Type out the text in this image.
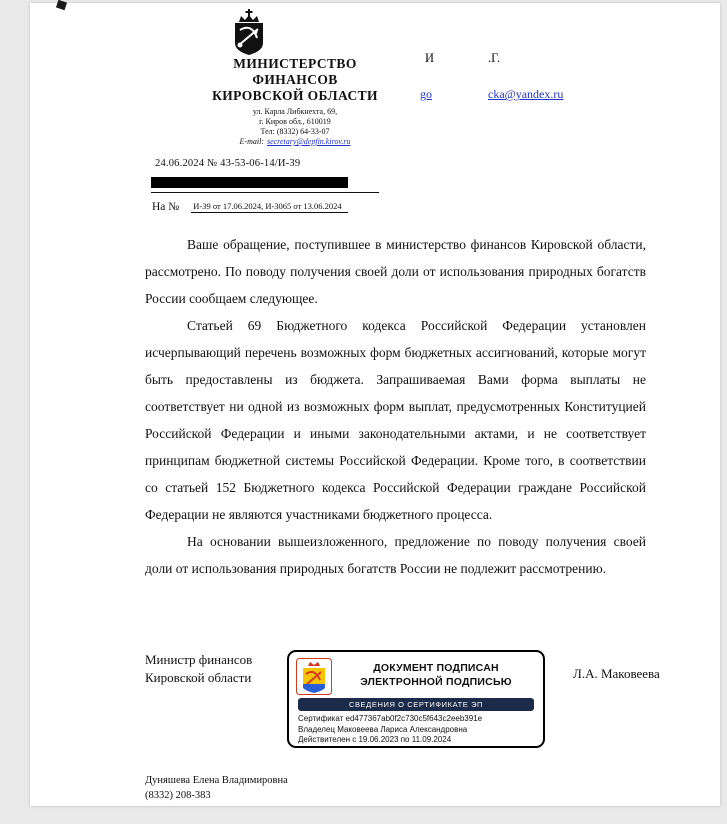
МИНИСТЕРСТВО
ФИНАНСОВ
КИРОВСКОЙ ОБЛАСТИ
ул. Карла Либкнехта, 69,
г. Киров обл., 610019
Тел: (8332) 64-33-07
E-mail: secretary@depfin.kirov.ru
24.06.2024 № 43-53-06-14/И-39
На № И-39 от 17.06.2024, И-3065 от 13.06.2024
И	.Г.
go	cka@yandex.ru

Ваше обращение, поступившее в министерство финансов Кировской области, рассмотрено. По поводу получения своей доли от использования природных богатств России сообщаем следующее.

Статьей 69 Бюджетного кодекса Российской Федерации установлен исчерпывающий перечень возможных форм бюджетных ассигнований, которые могут быть предоставлены из бюджета. Запрашиваемая Вами форма выплаты не соответствует ни одной из возможных форм выплат, предусмотренных Конституцией Российской Федерации и иными законодательными актами, и не соответствует принципам бюджетной системы Российской Федерации. Кроме того, в соответствии со статьей 152 Бюджетного кодекса Российской Федерации граждане Российской Федерации не являются участниками бюджетного процесса.

На основании вышеизложенного, предложение по поводу получения своей доли от использования природных богатств России не подлежит рассмотрению.

Министр финансов
Кировской области
ДОКУМЕНТ ПОДПИСАН
ЭЛЕКТРОННОЙ ПОДПИСЬЮ
СВЕДЕНИЯ О СЕРТИФИКАТЕ ЭП
Сертификат ed477367ab0f2c730c5f643c2eeb391e
Владелец Маковеева Лариса Александровна
Действителен с 19.06.2023 по 11.09.2024
Л.А. Маковеева
Дуняшева Елена Владимировна
(8332) 208-383
